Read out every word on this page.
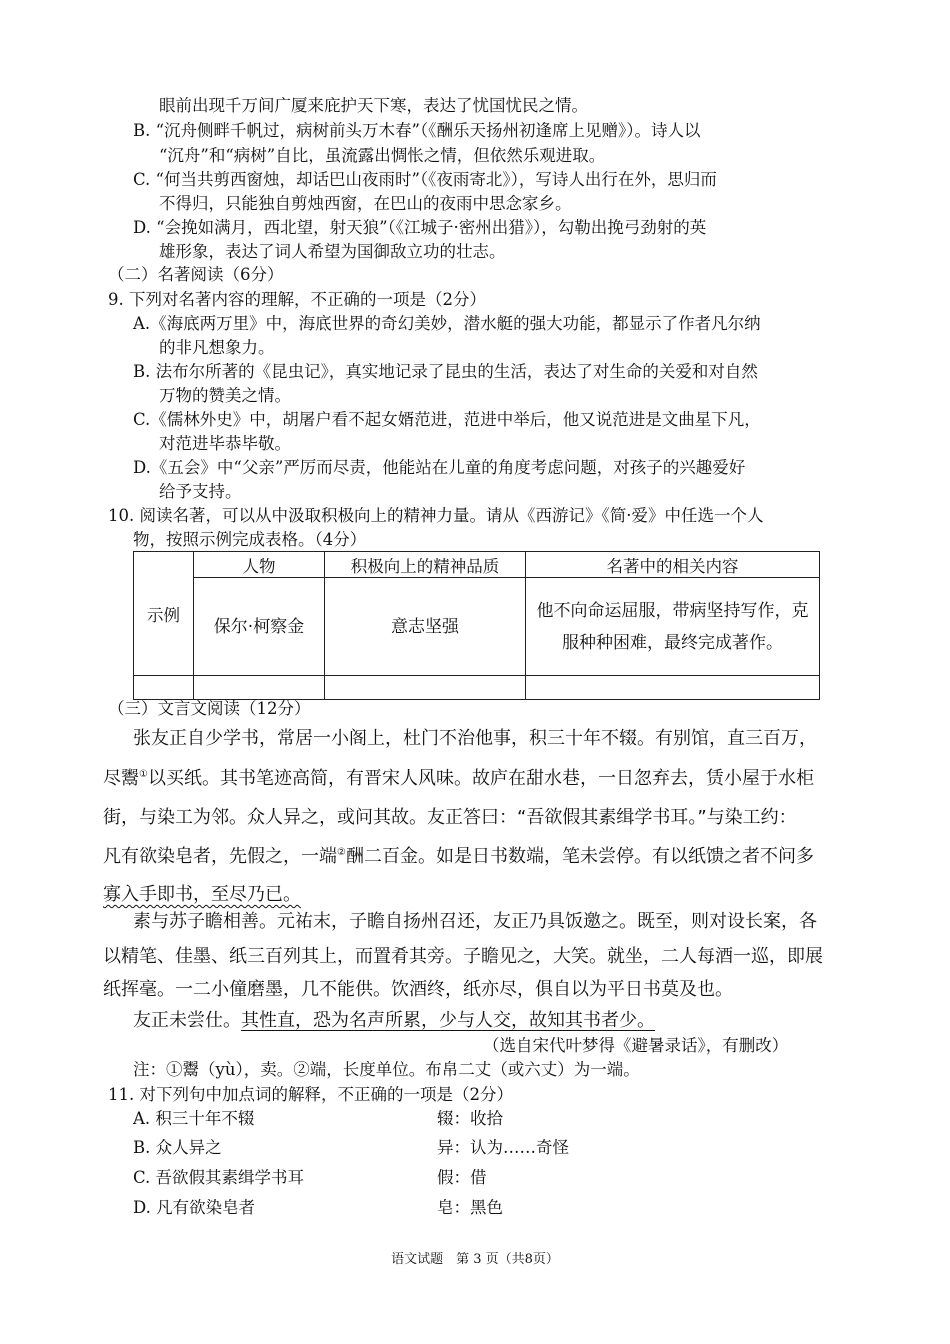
眼前出现千万间广厦来庇护天下寒，表达了忧国忧民之情。
B. “沉舟侧畔千帆过，病树前头万木春”（《酬乐天扬州初逢席上见赠》）。诗人以
“沉舟”和“病树”自比，虽流露出惆怅之情，但依然乐观进取。
C. “何当共剪西窗烛，却话巴山夜雨时”（《夜雨寄北》），写诗人出行在外，思归而
不得归，只能独自剪烛西窗，在巴山的夜雨中思念家乡。
D. “会挽如满月，西北望，射天狼”（《江城子·密州出猎》），勾勒出挽弓劲射的英
雄形象，表达了词人希望为国御敌立功的壮志。
（二）名著阅读（6分）
9. 下列对名著内容的理解，不正确的一项是（2分）
A.《海底两万里》中，海底世界的奇幻美妙，潜水艇的强大功能，都显示了作者凡尔纳
的非凡想象力。
B. 法布尔所著的《昆虫记》，真实地记录了昆虫的生活，表达了对生命的关爱和对自然
万物的赞美之情。
C.《儒林外史》中，胡屠户看不起女婿范进，范进中举后，他又说范进是文曲星下凡，
对范进毕恭毕敬。
D.《五会》中“父亲”严厉而尽责，他能站在儿童的角度考虑问题，对孩子的兴趣爱好
给予支持。
10. 阅读名著，可以从中汲取积极向上的精神力量。请从《西游记》《简·爱》中任选一个人
物，按照示例完成表格。（4分）
示例	人物	积极向上的精神品质	名著中的相关内容
	保尔·柯察金	意志坚强	他不向命运屈服，带病坚持写作，克服种种困难，最终完成著作。

（三）文言文阅读（12分）
张友正自少学书，常居一小阁上，杜门不治他事，积三十年不辍。有别馆，直三百万，
尽鬻①以买纸。其书笔迹高简，有晋宋人风味。故庐在甜水巷，一日忽弃去，赁小屋于水柜
街，与染工为邻。众人异之，或问其故。友正答曰：“吾欲假其素缉学书耳。”与染工约：
凡有欲染皂者，先假之，一端②酬二百金。如是日书数端，笔未尝停。有以纸馈之者不问多
寡入手即书，至尽乃已。
素与苏子瞻相善。元祐末，子瞻自扬州召还，友正乃具饭邀之。既至，则对设长案，各
以精笔、佳墨、纸三百列其上，而置肴其旁。子瞻见之，大笑。就坐，二人每酒一巡，即展
纸挥毫。一二小僮磨墨，几不能供。饮酒终，纸亦尽，俱自以为平日书莫及也。
友正未尝仕。其性直，恐为名声所累，少与人交，故知其书者少。
（选自宋代叶梦得《避暑录话》，有删改）
注：①鬻（yù），卖。②端，长度单位。布帛二丈（或六丈）为一端。
11. 对下列句中加点词的解释，不正确的一项是（2分）
A. 积三十年不辍	辍：收拾
B. 众人异之	异：认为……奇怪
C. 吾欲假其素缉学书耳	假：借
D. 凡有欲染皂者	皂：黑色
语文试题　第 3 页（共8页）
